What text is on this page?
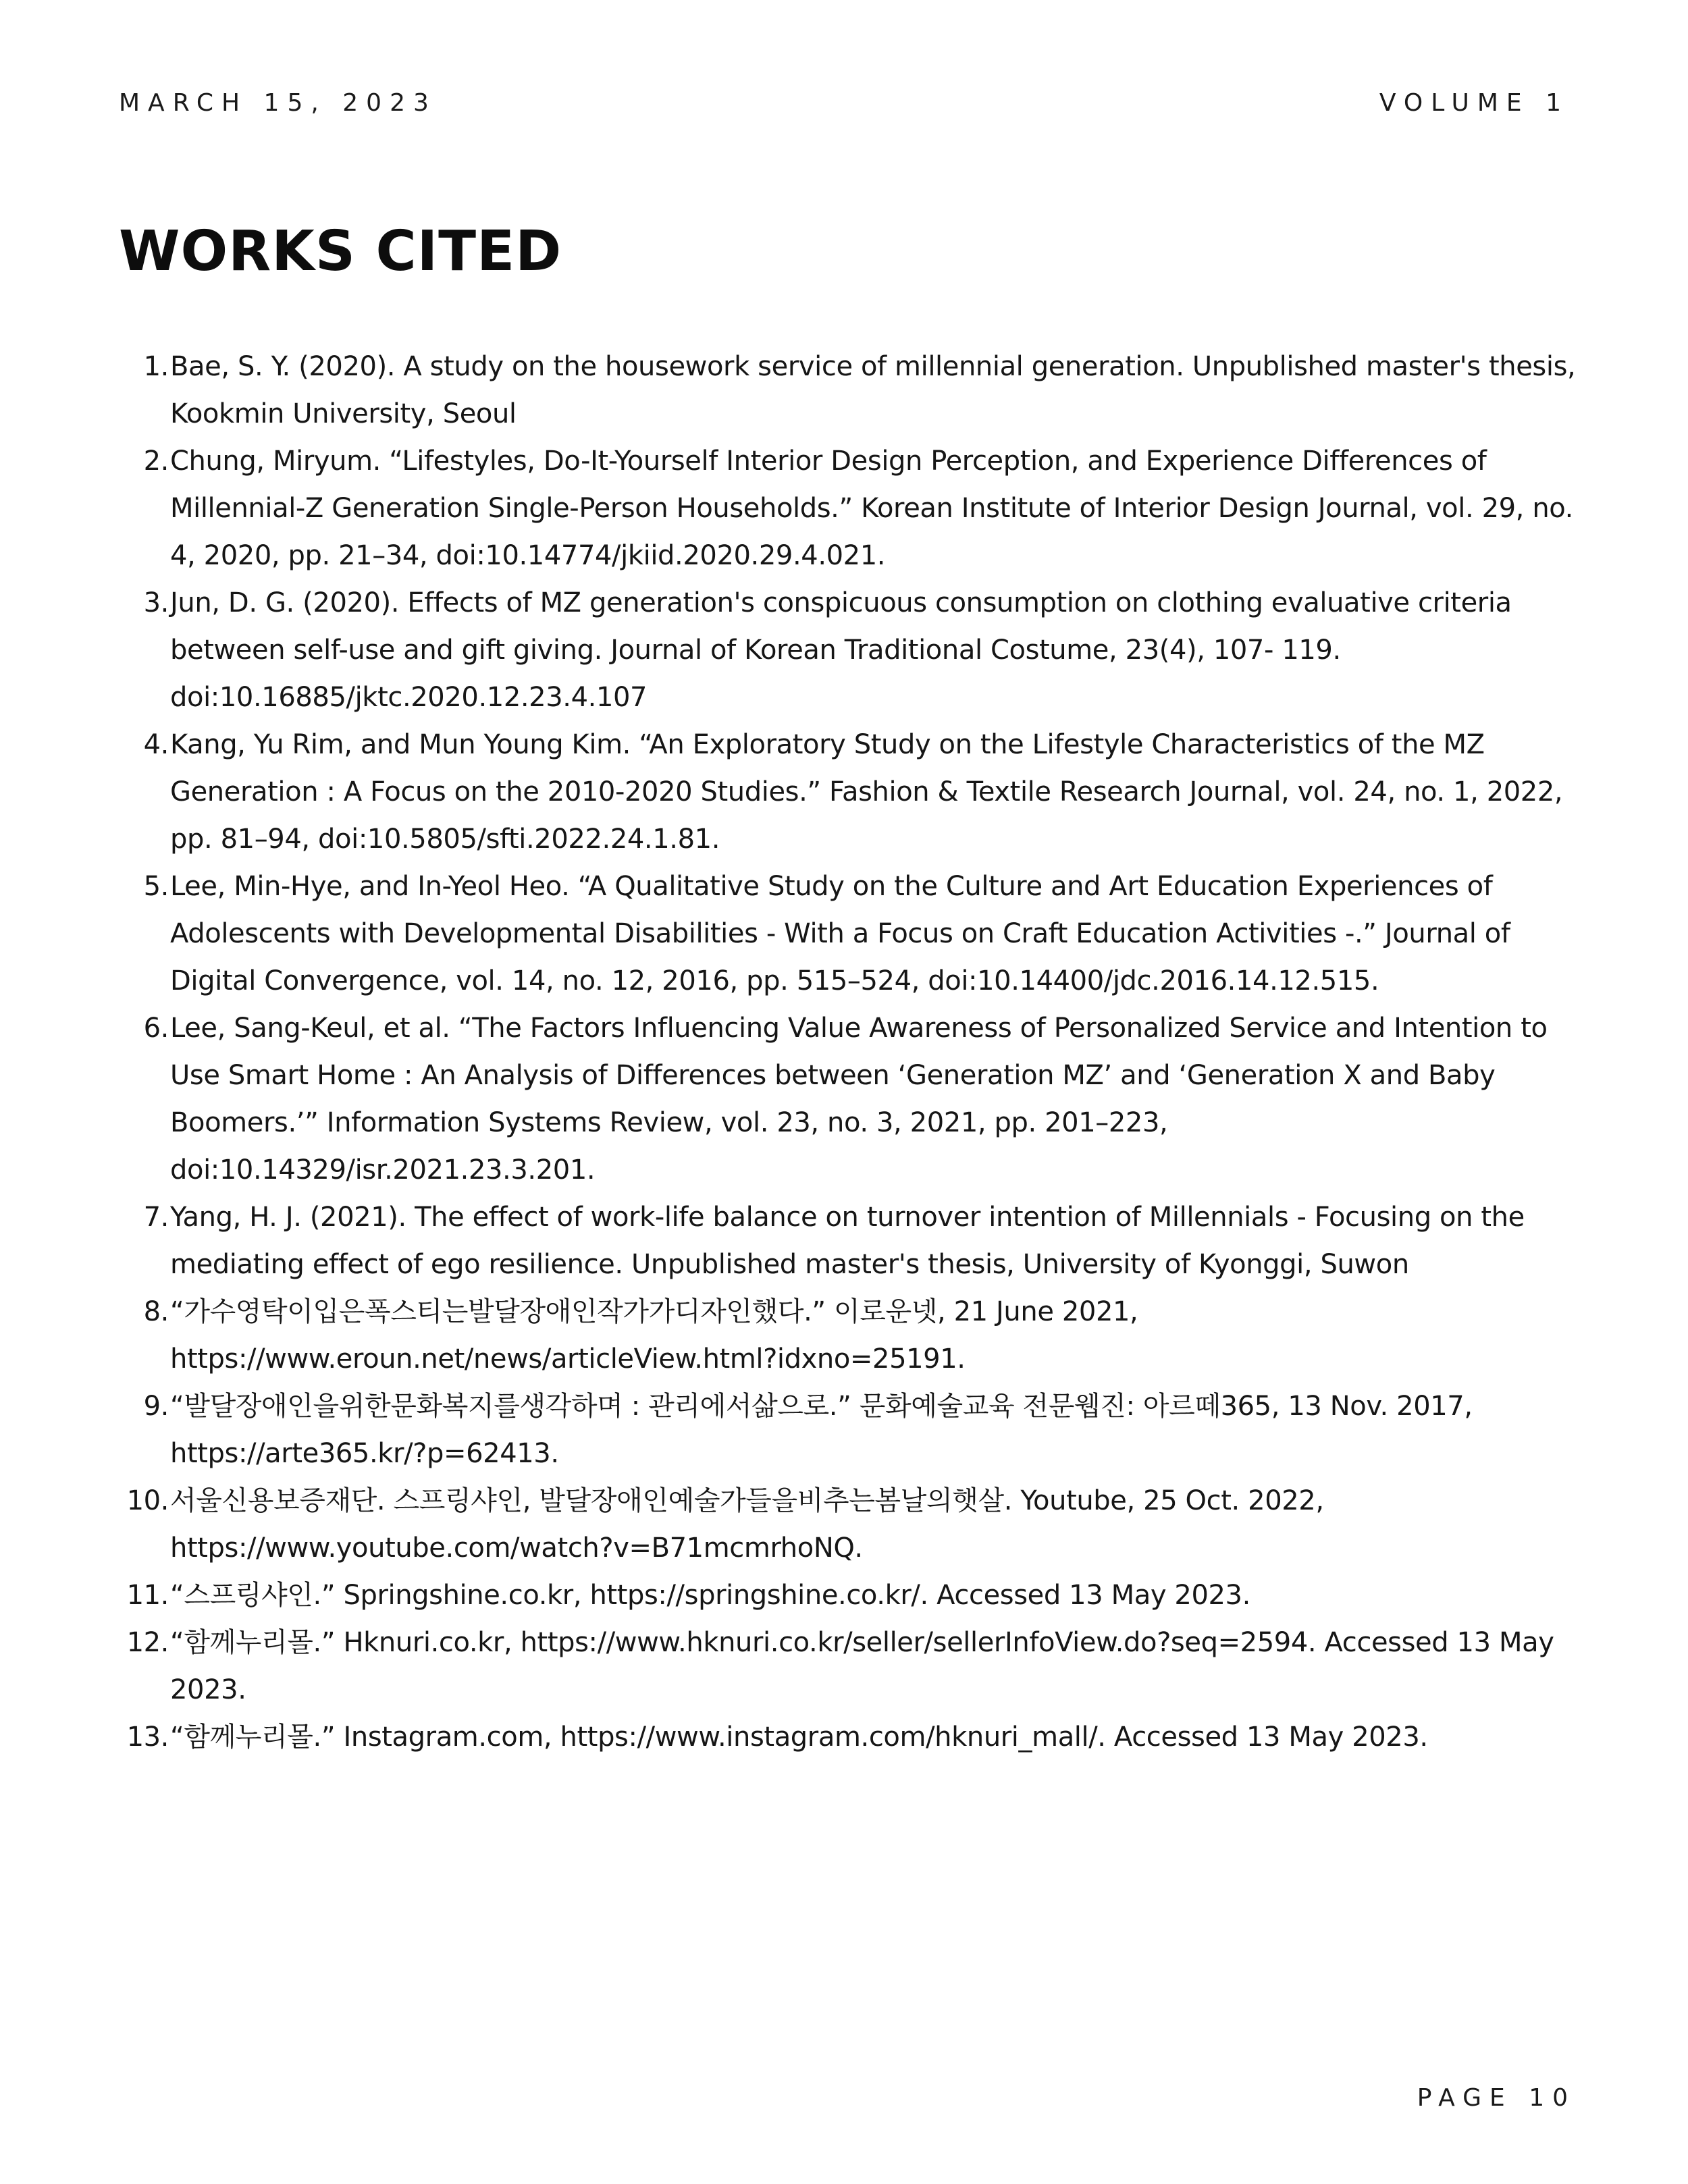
MARCH 15, 2023	VOLUME 1
WORKS CITED
1. Bae, S. Y. (2020). A study on the housework service of millennial generation. Unpublished master's thesis, Kookmin University, Seoul
2. Chung, Miryum. “Lifestyles, Do-It-Yourself Interior Design Perception, and Experience Differences of Millennial-Z Generation Single-Person Households.” Korean Institute of Interior Design Journal, vol. 29, no. 4, 2020, pp. 21–34, doi:10.14774/jkiid.2020.29.4.021.
3. Jun, D. G. (2020). Effects of MZ generation's conspicuous consumption on clothing evaluative criteria between self-use and gift giving. Journal of Korean Traditional Costume, 23(4), 107- 119. doi:10.16885/jktc.2020.12.23.4.107
4. Kang, Yu Rim, and Mun Young Kim. “An Exploratory Study on the Lifestyle Characteristics of the MZ Generation : A Focus on the 2010-2020 Studies.” Fashion & Textile Research Journal, vol. 24, no. 1, 2022, pp. 81–94, doi:10.5805/sfti.2022.24.1.81.
5. Lee, Min-Hye, and In-Yeol Heo. “A Qualitative Study on the Culture and Art Education Experiences of Adolescents with Developmental Disabilities - With a Focus on Craft Education Activities -.” Journal of Digital Convergence, vol. 14, no. 12, 2016, pp. 515–524, doi:10.14400/jdc.2016.14.12.515.
6. Lee, Sang-Keul, et al. “The Factors Influencing Value Awareness of Personalized Service and Intention to Use Smart Home : An Analysis of Differences between ‘Generation MZ’ and ‘Generation X and Baby Boomers.’” Information Systems Review, vol. 23, no. 3, 2021, pp. 201–223, doi:10.14329/isr.2021.23.3.201.
7. Yang, H. J. (2021). The effect of work-life balance on turnover intention of Millennials - Focusing on the mediating effect of ego resilience. Unpublished master's thesis, University of Kyonggi, Suwon
8. “가수영탁이입은폭스티는발달장애인작가가디자인했다.” 이로운넷, 21 June 2021, https://www.eroun.net/news/articleView.html?idxno=25191.
9. “발달장애인을위한문화복지를생각하며 : 관리에서삶으로.” 문화예술교육 전문웹진: 아르떼365, 13 Nov. 2017, https://arte365.kr/?p=62413.
10. 서울신용보증재단. 스프링샤인, 발달장애인예술가들을비추는봄날의햇살. Youtube, 25 Oct. 2022, https://www.youtube.com/watch?v=B71mcmrhoNQ.
11. “스프링샤인.” Springshine.co.kr, https://springshine.co.kr/. Accessed 13 May 2023.
12. “함께누리몰.” Hknuri.co.kr, https://www.hknuri.co.kr/seller/sellerInfoView.do?seq=2594. Accessed 13 May 2023.
13. “함께누리몰.” Instagram.com, https://www.instagram.com/hknuri_mall/. Accessed 13 May 2023.
PAGE 10
